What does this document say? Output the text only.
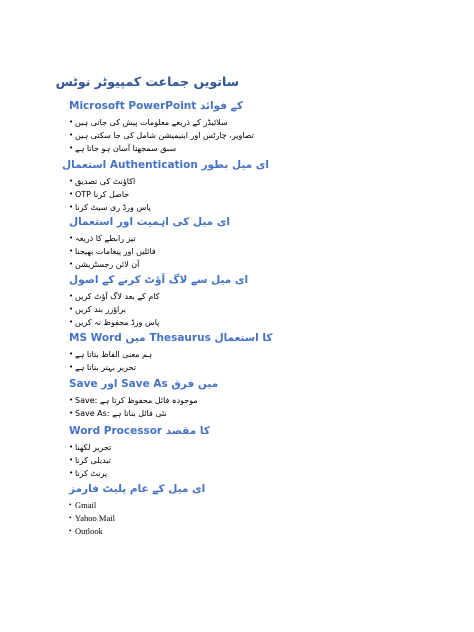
ساتویں جماعت کمپیوٹر نوٹس
کے فوائد Microsoft PowerPoint
• سلائیڈز کے ذریعے معلومات پیش کی جاتی ہیں
• تصاویر، چارٹس اور اینیمیشن شامل کی جا سکتی ہیں
• سبق سمجھنا آسان ہو جاتا ہے
ای میل بطور Authentication استعمال
• اکاؤنٹ کی تصدیق
• OTP حاصل کرنا
• پاس ورڈ ری سیٹ کرنا
ای میل کی اہمیت اور استعمال
• تیز رابطے کا ذریعہ
• فائلیں اور پیغامات بھیجنا
• آن لائن رجسٹریشن
ای میل سے لاگ آؤٹ کرنے کے اصول
• کام کے بعد لاگ آؤٹ کریں
• براؤزر بند کریں
• پاس ورڈ محفوظ نہ کریں
MS Word میں Thesaurus کا استعمال
• ہم معنی الفاظ بتاتا ہے
• تحریر بہتر بناتا ہے
Save اور Save As میں فرق
• Save: موجودہ فائل محفوظ کرتا ہے
• Save As: نئی فائل بناتا ہے
Word Processor کا مقصد
• تحریر لکھنا
• تبدیلی کرنا
• پرنٹ کرنا
ای میل کے عام پلیٹ فارمز
• Gmail
• Yahoo Mail
• Outlook
